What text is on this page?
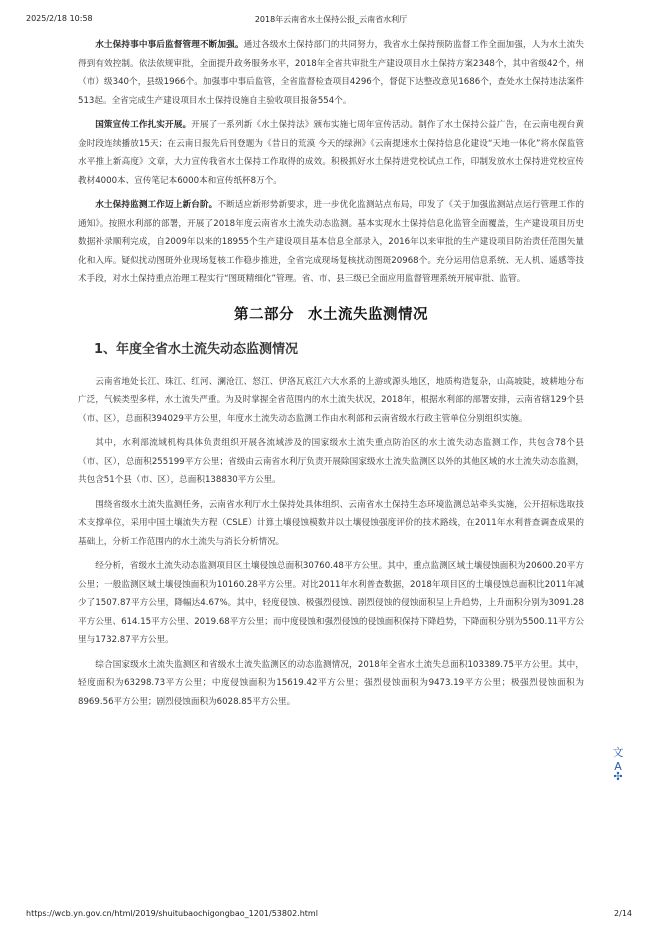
2025/2/18 10:58	2018年云南省水土保持公报_云南省水利厅

水土保持事中事后监督管理不断加强。通过各级水土保持部门的共同努力，我省水土保持预防监督工作全面加强，人为水土流失得到有效控制。依法依规审批，全面提升政务服务水平，2018年全省共审批生产建设项目水土保持方案2348个，其中省级42个，州（市）级340个，县级1966个。加强事中事后监管，全省监督检查项目4296个，督促下达整改意见1686个，查处水土保持违法案件513起。全省完成生产建设项目水土保持设施自主验收项目报备554个。

国策宣传工作扎实开展。开展了一系列新《水土保持法》颁布实施七周年宣传活动。制作了水土保持公益广告，在云南电视台黄金时段连续播放15天；在云南日报先后刊登题为《昔日的荒漠 今天的绿洲》《云南提速水土保持信息化建设“天地一体化”将水保监管水平推上新高度》文章，大力宣传我省水土保持工作取得的成效。积极抓好水土保持进党校试点工作，印制发放水土保持进党校宣传教材4000本、宣传笔记本6000本和宣传纸杯8万个。

水土保持监测工作迈上新台阶。不断适应新形势新要求，进一步优化监测站点布局，印发了《关于加强监测站点运行管理工作的通知》。按照水利部的部署，开展了2018年度云南省水土流失动态监测。基本实现水土保持信息化监管全面覆盖，生产建设项目历史数据补录顺利完成，自2009年以来的18955个生产建设项目基本信息全部录入，2016年以来审批的生产建设项目防治责任范围矢量化和入库。疑似扰动图斑外业现场复核工作稳步推进，全省完成现场复核扰动图斑20968个。充分运用信息系统、无人机、遥感等技术手段，对水土保持重点治理工程实行“图斑精细化”管理。省、市、县三级已全面应用监督管理系统开展审批、监管。

第二部分 水土流失监测情况
1、年度全省水土流失动态监测情况

云南省地处长江、珠江、红河、澜沧江、怒江、伊洛瓦底江六大水系的上游或源头地区，地质构造复杂，山高坡陡，坡耕地分布广泛，气候类型多样，水土流失严重。为及时掌握全省范围内的水土流失状况，2018年，根据水利部的部署安排，云南省辖129个县（市、区），总面积394029平方公里，年度水土流失动态监测工作由水利部和云南省级水行政主管单位分别组织实施。

其中，水利部流域机构具体负责组织开展各流域涉及的国家级水土流失重点防治区的水土流失动态监测工作，共包含78个县（市、区），总面积255199平方公里；省级由云南省水利厅负责开展除国家级水土流失监测区以外的其他区域的水土流失动态监测，共包含51个县（市、区），总面积138830平方公里。

围绕省级水土流失监测任务，云南省水利厅水土保持处具体组织、云南省水土保持生态环境监测总站牵头实施，公开招标选取技术支撑单位，采用中国土壤流失方程（CSLE）计算土壤侵蚀模数并以土壤侵蚀强度评价的技术路线，在2011年水利普查调查成果的基础上，分析工作范围内的水土流失与消长分析情况。

经分析，省级水土流失动态监测项目区土壤侵蚀总面积30760.48平方公里。其中，重点监测区域土壤侵蚀面积为20600.20平方公里；一般监测区域土壤侵蚀面积为10160.28平方公里。对比2011年水利普查数据，2018年项目区的土壤侵蚀总面积比2011年减少了1507.87平方公里，降幅达4.67%。其中，轻度侵蚀、极强烈侵蚀、剧烈侵蚀的侵蚀面积呈上升趋势，上升面积分别为3091.28平方公里、614.15平方公里、2019.68平方公里；而中度侵蚀和强烈侵蚀的侵蚀面积保持下降趋势，下降面积分别为5500.11平方公里与1732.87平方公里。

综合国家级水土流失监测区和省级水土流失监测区的动态监测情况，2018年全省水土流失总面积103389.75平方公里。其中，轻度面积为63298.73平方公里；中度侵蚀面积为15619.42平方公里；强烈侵蚀面积为9473.19平方公里；极强烈侵蚀面积为8969.56平方公里；剧烈侵蚀面积为6028.85平方公里。

文A
✣
https://wcb.yn.gov.cn/html/2019/shuitubaochigongbao_1201/53802.html	2/14
